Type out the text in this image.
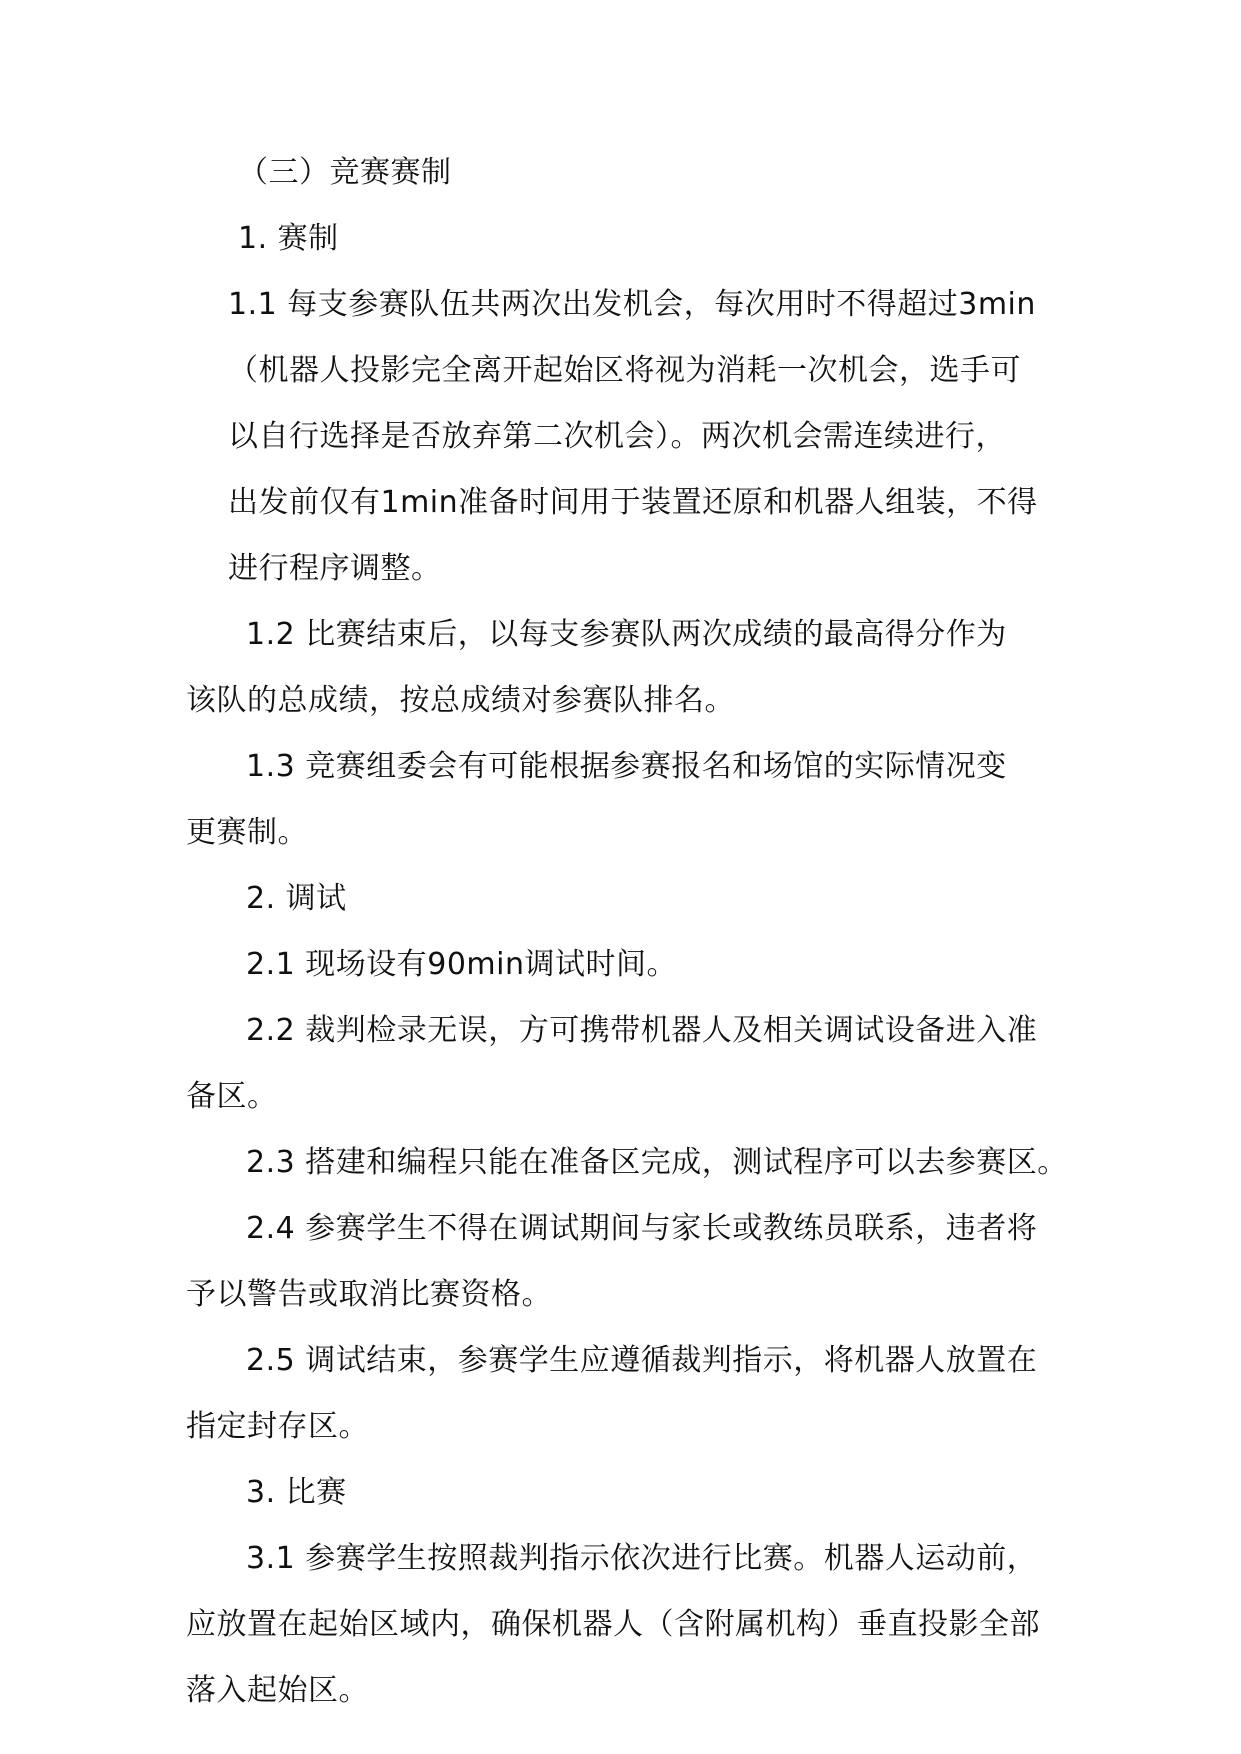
（三）竞赛赛制
1. 赛制
1.1 每支参赛队伍共两次出发机会，每次用时不得超过3min
（机器人投影完全离开起始区将视为消耗一次机会，选手可
以自行选择是否放弃第二次机会）。两次机会需连续进行，
出发前仅有1min准备时间用于装置还原和机器人组装，不得
进行程序调整。
1.2 比赛结束后，以每支参赛队两次成绩的最高得分作为
该队的总成绩，按总成绩对参赛队排名。
1.3 竞赛组委会有可能根据参赛报名和场馆的实际情况变
更赛制。
2. 调试
2.1 现场设有90min调试时间。
2.2 裁判检录无误，方可携带机器人及相关调试设备进入准
备区。
2.3 搭建和编程只能在准备区完成，测试程序可以去参赛区。
2.4 参赛学生不得在调试期间与家长或教练员联系，违者将
予以警告或取消比赛资格。
2.5 调试结束，参赛学生应遵循裁判指示，将机器人放置在
指定封存区。
3. 比赛
3.1 参赛学生按照裁判指示依次进行比赛。机器人运动前，
应放置在起始区域内，确保机器人（含附属机构）垂直投影全部
落入起始区。
